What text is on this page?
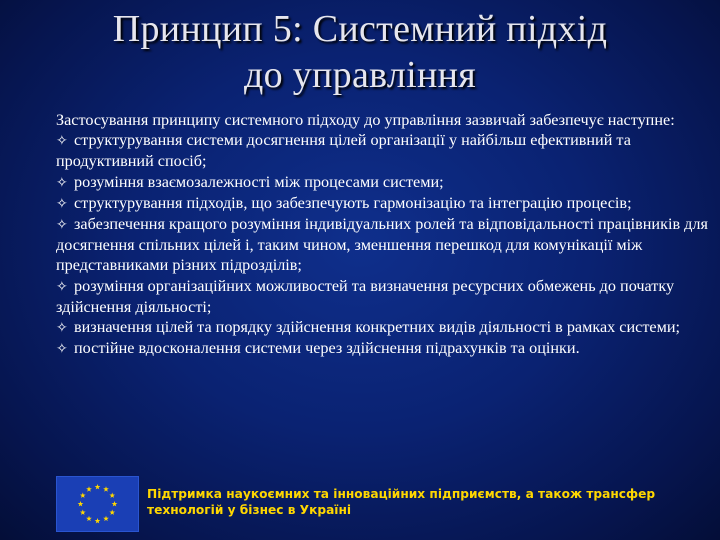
Принцип 5: Системний підхід
до управління

Застосування принципу системного підходу до управління зазвичай забезпечує наступне:

✧ структурування системи досягнення цілей організації у найбільш ефективний та продуктивний спосіб;

✧ розуміння взаємозалежності між процесами системи;

✧ структурування підходів, що забезпечують гармонізацію та інтеграцію процесів;

✧ забезпечення кращого розуміння індивідуальних ролей та відповідальності працівників для досягнення спільних цілей і, таким чином, зменшення перешкод для комунікації між представниками різних підрозділів;

✧ розуміння організаційних можливостей та визначення ресурсних обмежень до початку здійснення діяльності;

✧ визначення цілей та порядку здійснення конкретних видів діяльності в рамках системи;

✧ постійне вдосконалення системи через здійснення підрахунків та оцінки.

Підтримка наукоємних та інноваційних підприємств, а також трансфер
технологій у бізнес в Україні
